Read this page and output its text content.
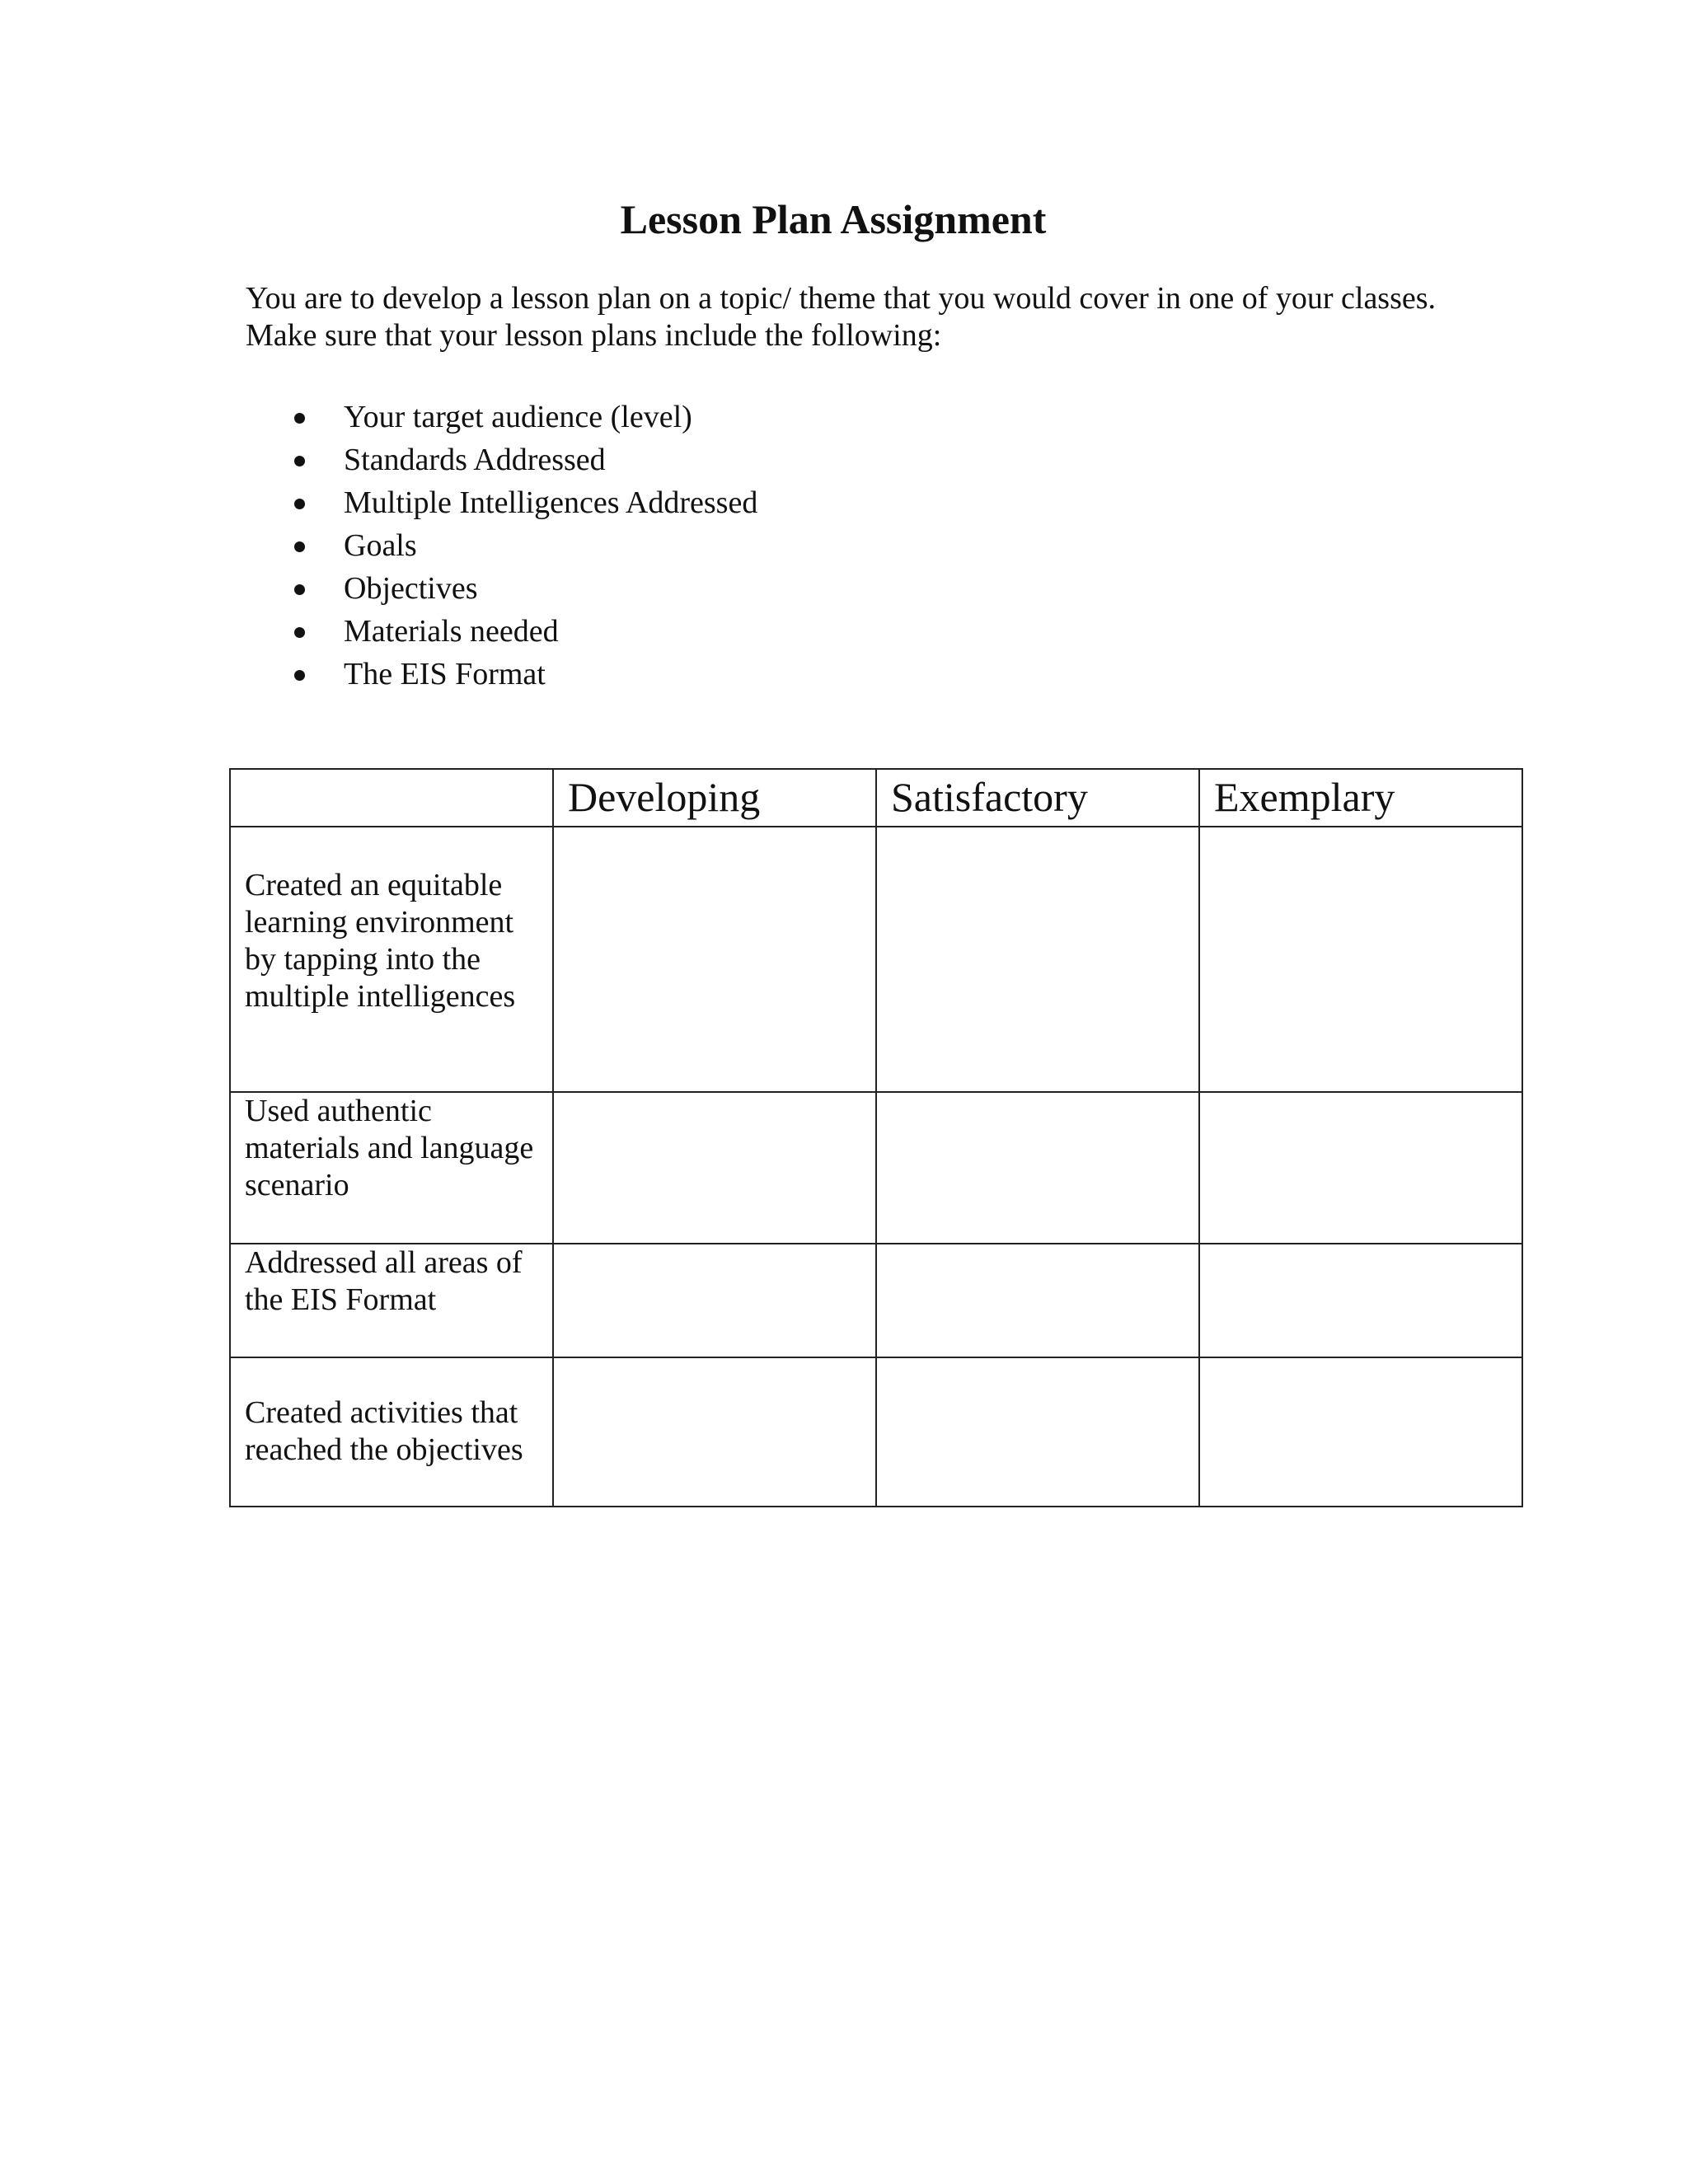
Lesson Plan Assignment

You are to develop a lesson plan on a topic/ theme that you would cover in one of your classes. Make sure that your lesson plans include the following:

Your target audience (level)
Standards Addressed
Multiple Intelligences Addressed
Goals
Objectives
Materials needed
The EIS Format
	Developing	Satisfactory	Exemplary
Created an equitable learning environment by tapping into the multiple intelligences			
Used authentic materials and language scenario			
Addressed all areas of the EIS Format			
Created activities that reached the objectives			
